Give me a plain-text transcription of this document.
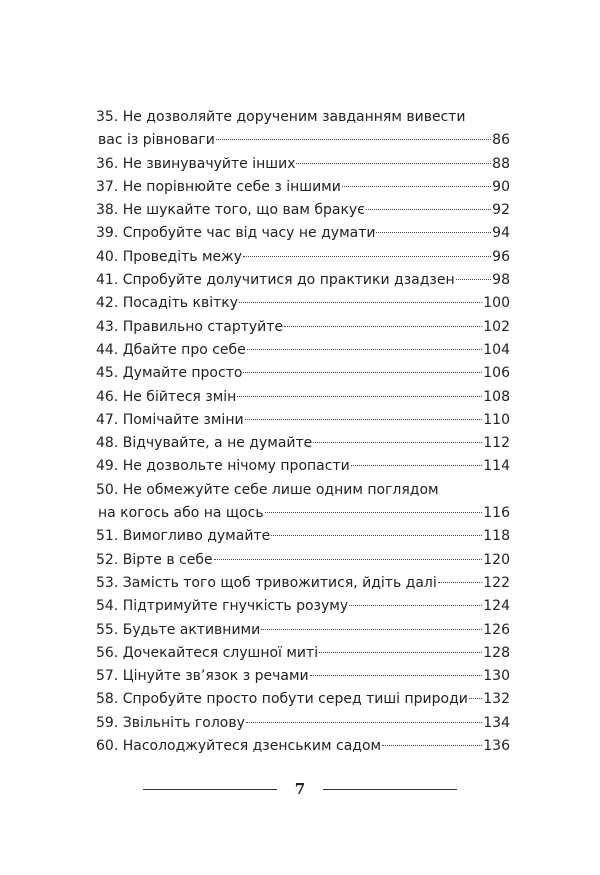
35. Не дозволяйте дорученим завданням вивести
вас із рівноваги	86
36. Не звинувачуйте інших	88
37. Не порівнюйте себе з іншими	90
38. Не шукайте того, що вам бракує	92
39. Спробуйте час від часу не думати	94
40. Проведіть межу	96
41. Спробуйте долучитися до практики дзадзен	98
42. Посадіть квітку	100
43. Правильно стартуйте	102
44. Дбайте про себе	104
45. Думайте просто	106
46. Не бійтеся змін	108
47. Помічайте зміни	110
48. Відчувайте, а не думайте	112
49. Не дозвольте нічому пропасти	114
50. Не обмежуйте себе лише одним поглядом
на когось або на щось	116
51. Вимогливо думайте	118
52. Вірте в себе	120
53. Замість того щоб тривожитися, йдіть далі	122
54. Підтримуйте гнучкість розуму	124
55. Будьте активними	126
56. Дочекайтеся слушної миті	128
57. Цінуйте зв’язок з речами	130
58. Спробуйте просто побути серед тиші природи 132
59. Звільніть голову	134
60. Насолоджуйтеся дзенським садом	136
7
